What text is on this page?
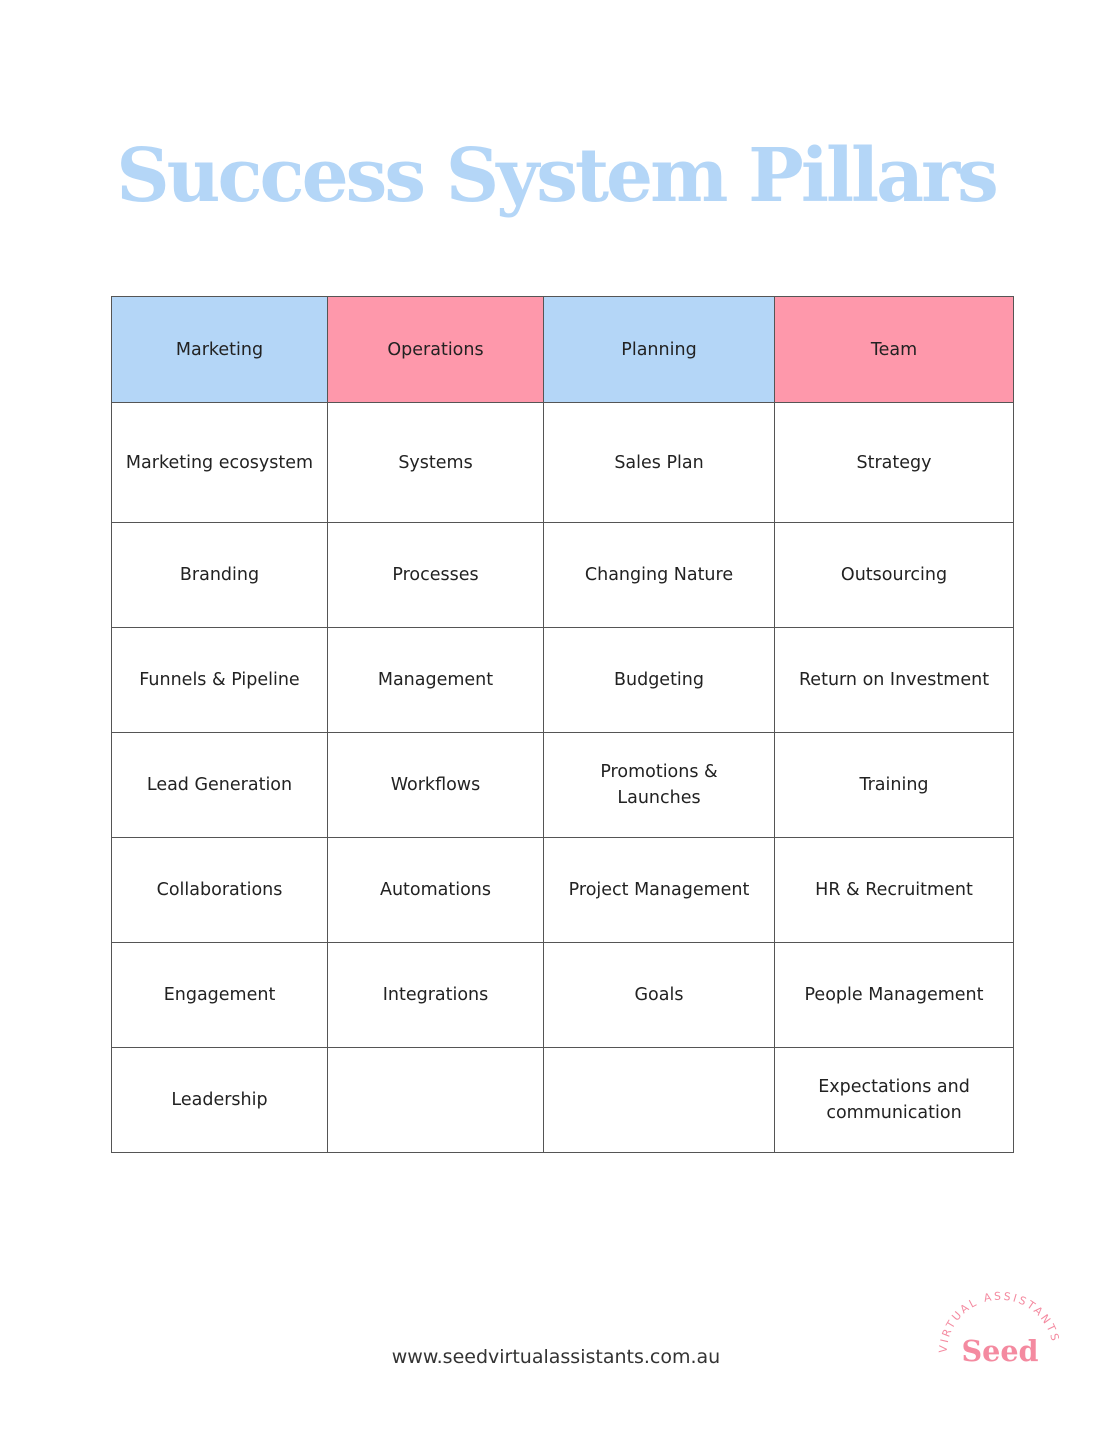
Success System Pillars
Marketing	Operations	Planning	Team
Marketing ecosystem	Systems	Sales Plan	Strategy
Branding	Processes	Changing Nature	Outsourcing
Funnels & Pipeline	Management	Budgeting	Return on Investment
Lead Generation	Workflows	Promotions & Launches	Training
Collaborations	Automations	Project Management	HR & Recruitment
Engagement	Integrations	Goals	People Management
Leadership			Expectations and communication
www.seedvirtualassistants.com.au	VIRTUAL ASSISTANTS
Seed
